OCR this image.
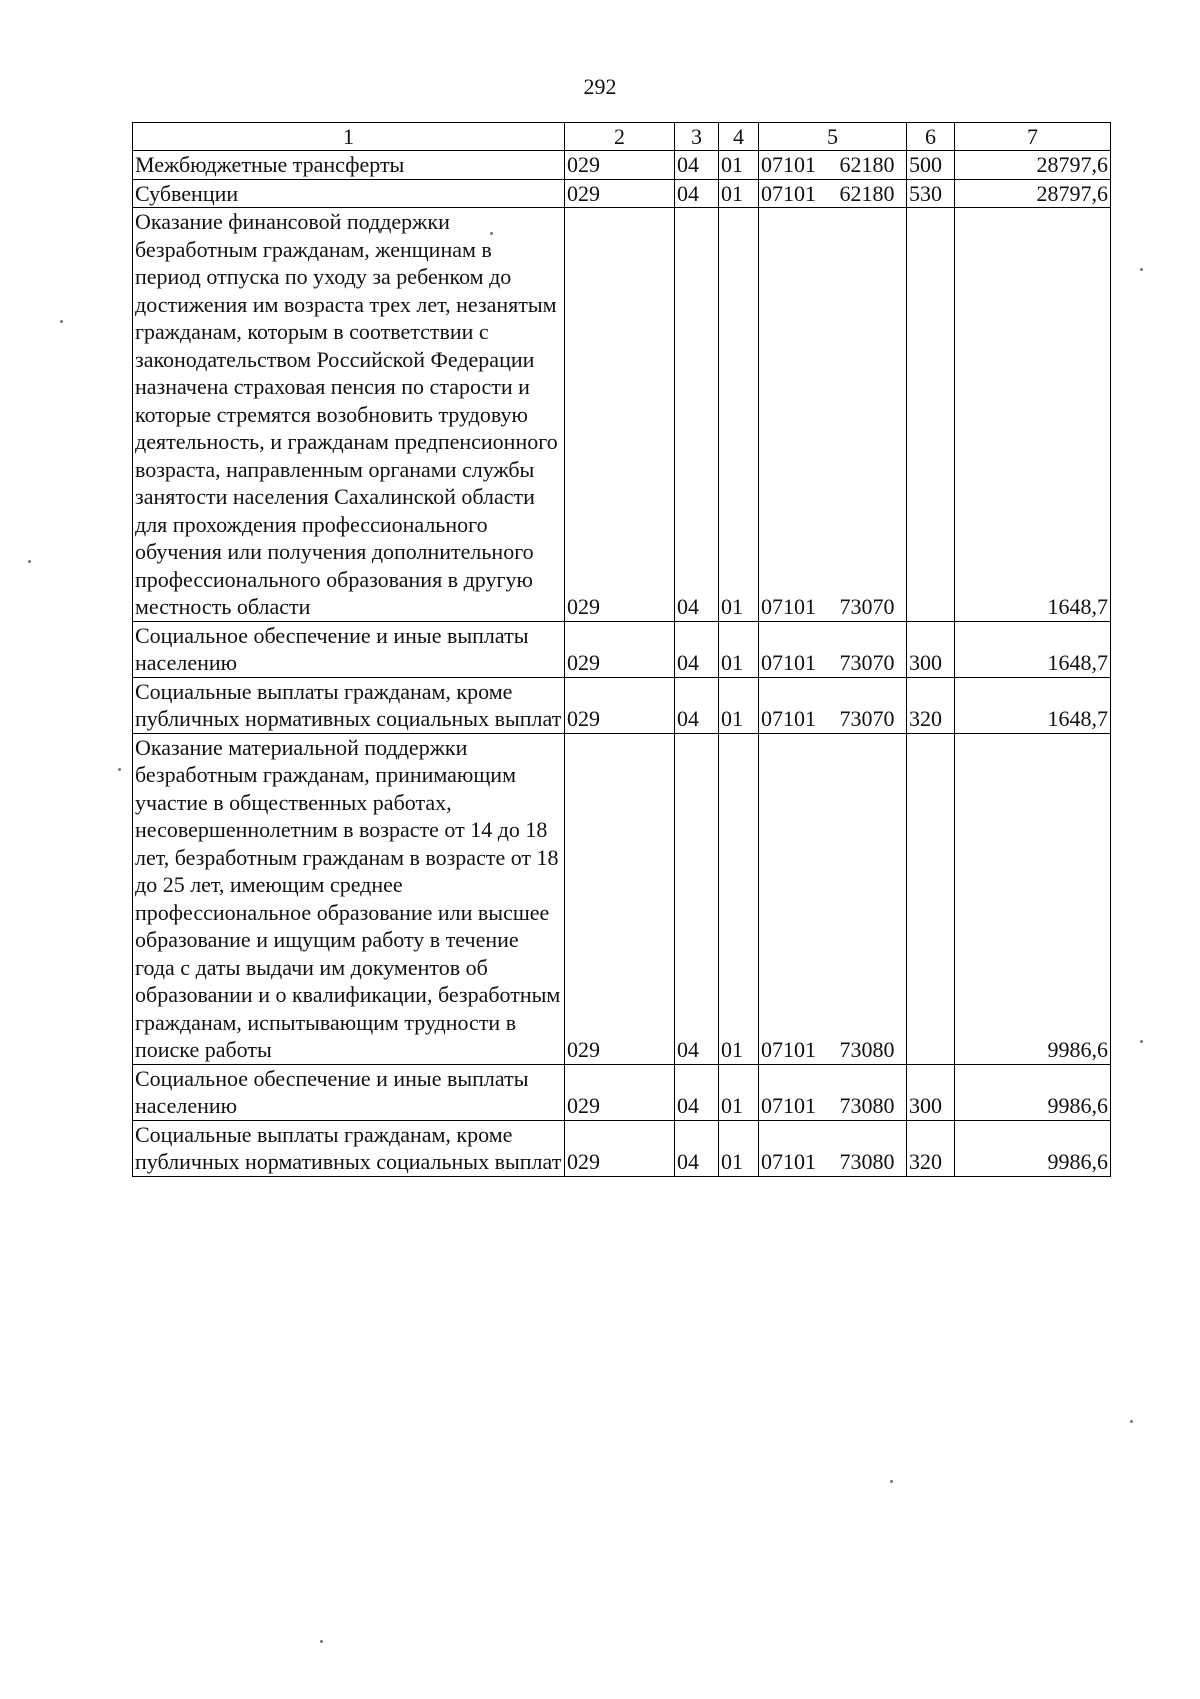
292
1	2	3	4	5	6	7
Межбюджетные трансферты	029	04	01	07101 62180	500	28797,6
Субвенции	029	04	01	07101 62180	530	28797,6
Оказание финансовой поддержки безработным гражданам, женщинам в период отпуска по уходу за ребенком до достижения им возраста трех лет, незанятым гражданам, которым в соответствии с законодательством Российской Федерации назначена страховая пенсия по старости и которые стремятся возобновить трудовую деятельность, и гражданам предпенсионного возраста, направленным органами службы занятости населения Сахалинской области для прохождения профессионального обучения или получения дополнительного профессионального образования в другую местность области	029	04	01	07101 73070		1648,7
Социальное обеспечение и иные выплаты населению	029	04	01	07101 73070	300	1648,7
Социальные выплаты гражданам, кроме публичных нормативных социальных выплат	029	04	01	07101 73070	320	1648,7
Оказание материальной поддержки безработным гражданам, принимающим участие в общественных работах, несовершеннолетним в возрасте от 14 до 18 лет, безработным гражданам в возрасте от 18 до 25 лет, имеющим среднее профессиональное образование или высшее образование и ищущим работу в течение года с даты выдачи им документов об образовании и о квалификации, безработным гражданам, испытывающим трудности в поиске работы	029	04	01	07101 73080		9986,6
Социальное обеспечение и иные выплаты населению	029	04	01	07101 73080	300	9986,6
Социальные выплаты гражданам, кроме публичных нормативных социальных выплат	029	04	01	07101 73080	320	9986,6
